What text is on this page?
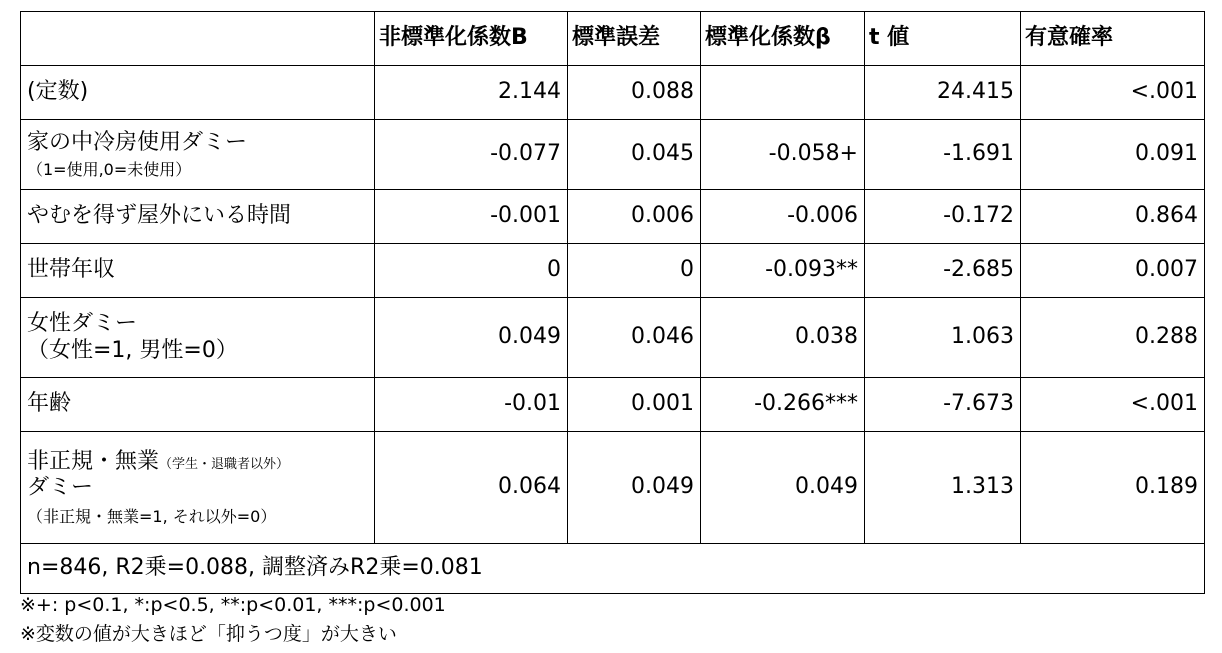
	非標準化係数B	標準誤差	標準化係数β	t 値	有意確率
(定数)	2.144	0.088		24.415	<.001
家の中冷房使用ダミー
（1=使用,0=未使用）	-0.077	0.045	-0.058+	-1.691	0.091
やむを得ず屋外にいる時間	-0.001	0.006	-0.006	-0.172	0.864
世帯年収	0	0	-0.093**	-2.685	0.007
女性ダミー
（女性=1, 男性=0）	0.049	0.046	0.038	1.063	0.288
年齢	-0.01	0.001	-0.266***	-7.673	<.001
非正規・無業（学生・退職者以外）
ダミー
（非正規・無業=1, それ以外=0）	0.064	0.049	0.049	1.313	0.189
n=846, R2乗=0.088, 調整済みR2乗=0.081					
※+: p<0.1, *:p<0.5, **:p<0.01, ***:p<0.001
※変数の値が大きほど「抑うつ度」が大きい
